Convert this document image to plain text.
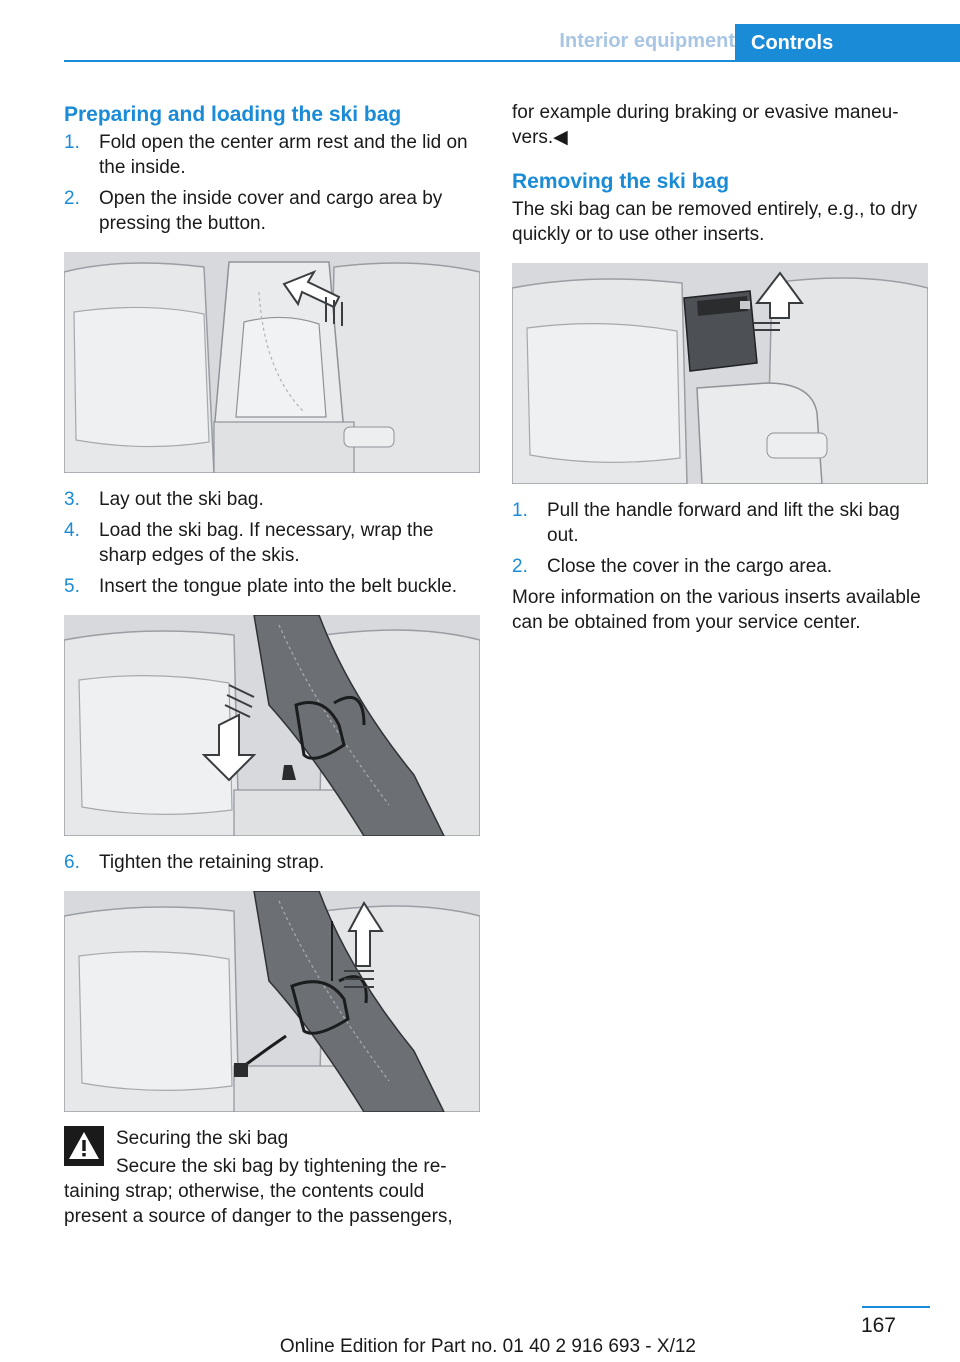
Interior equipment Controls
Preparing and loading the ski bag
1. Fold open the center arm rest and the lid on the inside.
2. Open the inside cover and cargo area by pressing the button.
3. Lay out the ski bag.
4. Load the ski bag. If necessary, wrap the sharp edges of the skis.
5. Insert the tongue plate into the belt buckle.
6. Tighten the retaining strap.
Securing the ski bag

Secure the ski bag by tightening the re‐ taining strap; otherwise, the contents could present a source of danger to the passengers,

for example during braking or evasive maneu‐ vers.◀

Removing the ski bag

The ski bag can be removed entirely, e.g., to dry quickly or to use other inserts.

1. Pull the handle forward and lift the ski bag out.
2. Close the cover in the cargo area.

More information on the various inserts available can be obtained from your service center.

167
Online Edition for Part no. 01 40 2 916 693 - X/12
